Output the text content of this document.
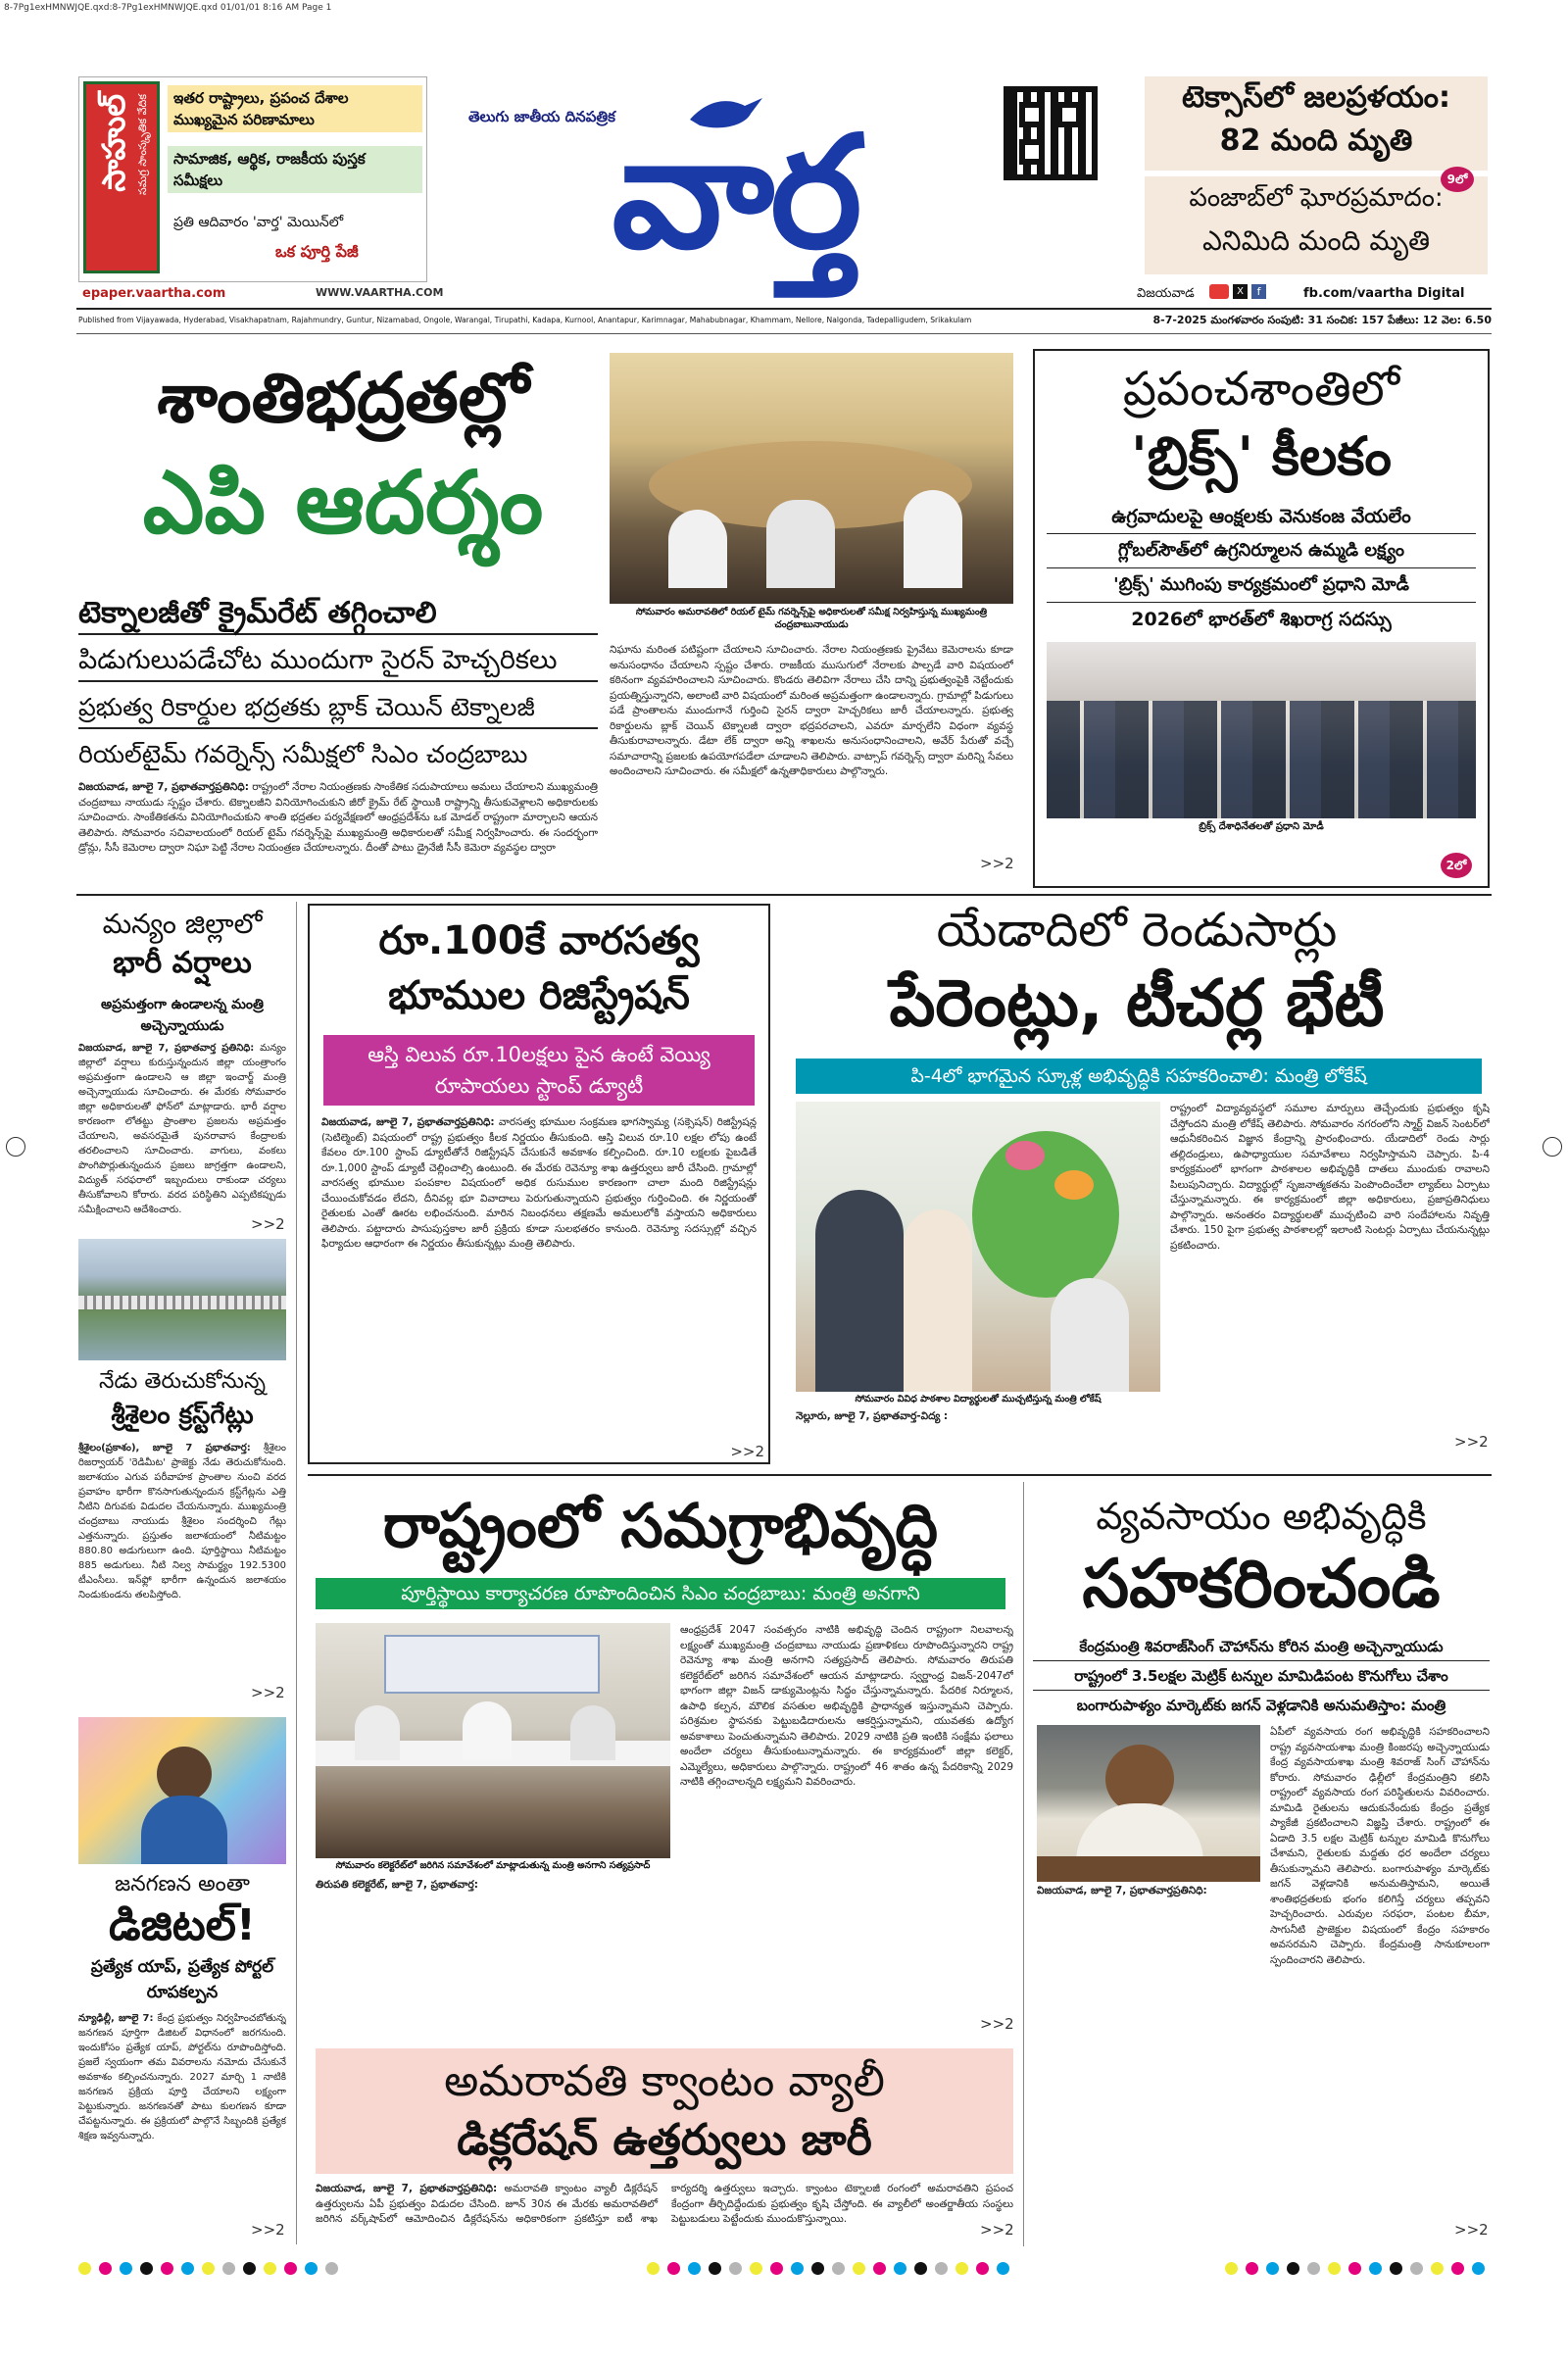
8-7Pg1exHMNWJQE.qxd:8-7Pg1exHMNWJQE.qxd 01/01/01 8:16 AM Page 1
సాహుల్ సమగ్ర సాంస్కృతిక వేదిక	ఇతర రాష్ట్రాలు, ప్రపంచ దేశాల ముఖ్యమైన పరిణామాలు
సామాజిక, ఆర్థిక, రాజకీయ పుస్తక సమీక్షలు
ప్రతి ఆదివారం 'వార్త' మెయిన్‌లో
ఒక పూర్తి పేజీ
epaper.vaartha.com	WWW.VAARTHA.COM
తెలుగు జాతీయ దినపత్రిక
వార్త
టెక్సాస్‌లో జలప్రళయం:
82 మంది మృతి
పంజాబ్‌లో ఘోరప్రమాదం:
ఎనిమిది మంది మృతి
9లో
విజయవాడ	X	f	fb.com/vaartha Digital
Published from Vijayawada, Hyderabad, Visakhapatnam, Rajahmundry, Guntur, Nizamabad, Ongole, Warangal, Tirupathi, Kadapa, Kurnool, Anantapur, Karimnagar, Mahabubnagar, Khammam, Nellore, Nalgonda, Tadepalligudem, Srikakulam	8-7-2025 మంగళవారం సంపుటి: 31 సంచిక: 157 పేజీలు: 12 వెల: 6.50
శాంతిభద్రతల్లో
ఎపి ఆదర్శం
సోమవారం అమరావతిలో రియల్ టైమ్ గవర్నెన్స్‌పై అధికారులతో సమీక్ష నిర్వహిస్తున్న ముఖ్యమంత్రి చంద్రబాబునాయుడు
టెక్నాలజీతో క్రైమ్‌రేట్ తగ్గించాలి
పిడుగులుపడేచోట ముందుగా సైరన్ హెచ్చరికలు
ప్రభుత్వ రికార్డుల భద్రతకు బ్లాక్ చెయిన్ టెక్నాలజీ
రియల్‌టైమ్ గవర్నెన్స్ సమీక్షలో సిఎం చంద్రబాబు
విజయవాడ, జూలై 7, ప్రభాతవార్తప్రతినిధి: రాష్ట్రంలో నేరాల నియంత్రణకు సాంకేతిక సదుపాయాలు అమలు చేయాలని ముఖ్యమంత్రి చంద్రబాబు నాయుడు స్పష్టం చేశారు. టెక్నాలజీని వినియోగించుకుని జీరో క్రైమ్ రేట్ స్థాయికి రాష్ట్రాన్ని తీసుకువెళ్లాలని అధికారులకు సూచించారు. సాంకేతికతను వినియోగించుకుని శాంతి భద్రతల పర్యవేక్షణలో ఆంధ్రప్రదేశ్‌ను ఒక మోడల్ రాష్ట్రంగా మార్చాలని ఆయన తెలిపారు. సోమవారం సచివాలయంలో రియల్ టైమ్ గవర్నెన్స్‌పై ముఖ్యమంత్రి అధికారులతో సమీక్ష నిర్వహించారు. ఈ సందర్భంగా డ్రోన్లు, సీసీ కెమెరాల ద్వారా నిఘా పెట్టి నేరాల నియంత్రణ చేయాలన్నారు. దీంతో పాటు డ్రైనేజీ సీసీ కెమెరా వ్యవస్థల ద్వారా
నిఘాను మరింత పటిష్టంగా చేయాలని సూచించారు. నేరాల నియంత్రణకు ప్రైవేటు కెమెరాలను కూడా అనుసంధానం చేయాలని స్పష్టం చేశారు. రాజకీయ ముసుగులో నేరాలకు పాల్పడే వారి విషయంలో కఠినంగా వ్యవహరించాలని సూచించారు. కొండరు తెలివిగా నేరాలు చేసి దాన్ని ప్రభుత్వంపైకి నెట్టేందుకు ప్రయత్నిస్తున్నారని, అలాంటి వారి విషయంలో మరింత అప్రమత్తంగా ఉండాలన్నారు. గ్రామాల్లో పిడుగులు పడే ప్రాంతాలను ముందుగానే గుర్తించి సైరన్ ద్వారా హెచ్చరికలు జారీ చేయాలన్నారు. ప్రభుత్వ రికార్డులను బ్లాక్ చెయిన్ టెక్నాలజీ ద్వారా భద్రపరచాలని, ఎవరూ మార్చలేని విధంగా వ్యవస్థ తీసుకురావాలన్నారు. డేటా లేక్ ద్వారా అన్ని శాఖలను అనుసంధానించాలని, అవేర్ పేరుతో వచ్చే సమాచారాన్ని ప్రజలకు ఉపయోగపడేలా చూడాలని తెలిపారు. వాట్సాప్ గవర్నెన్స్ ద్వారా మరిన్ని సేవలు అందించాలని సూచించారు. ఈ సమీక్షలో ఉన్నతాధికారులు పాల్గొన్నారు.
>>2
ప్రపంచశాంతిలో
'బ్రిక్స్' కీలకం
ఉగ్రవాదులపై ఆంక్షలకు వెనుకంజ వేయలేం
గ్లోబల్‌సౌత్‌లో ఉగ్రనిర్మూలన ఉమ్మడి లక్ష్యం
'బ్రిక్స్' ముగింపు కార్యక్రమంలో ప్రధాని మోడీ
2026లో భారత్‌లో శిఖరాగ్ర సదస్సు
బ్రిక్స్ దేశాధినేతలతో ప్రధాని మోడీ
2లో
మన్యం జిల్లాలో
భారీ వర్షాలు
అప్రమత్తంగా ఉండాలన్న మంత్రి అచ్చెన్నాయుడు
విజయవాడ, జూలై 7, ప్రభాతవార్త ప్రతినిధి: మన్యం జిల్లాలో వర్షాలు కురుస్తున్నందున జిల్లా యంత్రాంగం అప్రమత్తంగా ఉండాలని ఆ జిల్లా ఇంచార్జ్ మంత్రి అచ్చెన్నాయుడు సూచించారు. ఈ మేరకు సోమవారం జిల్లా అధికారులతో ఫోన్‌లో మాట్లాడారు. భారీ వర్షాల కారణంగా లోతట్టు ప్రాంతాల ప్రజలను అప్రమత్తం చేయాలని, అవసరమైతే పునరావాస కేంద్రాలకు తరలించాలని సూచించారు. వాగులు, వంకలు పొంగిపొర్లుతున్నందున ప్రజలు జాగ్రత్తగా ఉండాలని, విద్యుత్ సరఫరాలో ఇబ్బందులు రాకుండా చర్యలు తీసుకోవాలని కోరారు. వరద పరిస్థితిని ఎప్పటికప్పుడు సమీక్షించాలని ఆదేశించారు.
>>2
నేడు తెరుచుకోనున్న
శ్రీశైలం క్రస్ట్‌గేట్లు
శ్రీశైలం(ప్రకాశం), జూలై 7 ప్రభాతవార్త: శ్రీశైలం రిజర్వాయర్ 'రెడిమీట' ప్రాజెక్టు నేడు తెరుచుకోనుంది. జలాశయం ఎగువ పరీవాహక ప్రాంతాల నుంచి వరద ప్రవాహం భారీగా కొనసాగుతున్నందున క్రస్ట్‌గేట్లను ఎత్తి నీటిని దిగువకు విడుదల చేయనున్నారు. ముఖ్యమంత్రి చంద్రబాబు నాయుడు శ్రీశైలం సందర్శించి గేట్లు ఎత్తనున్నారు. ప్రస్తుతం జలాశయంలో నీటిమట్టం 880.80 అడుగులుగా ఉంది. పూర్తిస్థాయి నీటిమట్టం 885 అడుగులు. నీటి నిల్వ సామర్థ్యం 192.5300 టీఎంసీలు. ఇన్‌ఫ్లో భారీగా ఉన్నందున జలాశయం నిండుకుండను తలపిస్తోంది.
>>2
జనగణన అంతా
డిజిటల్!
ప్రత్యేక యాప్, ప్రత్యేక పోర్టల్ రూపకల్పన
న్యూఢిల్లీ, జూలై 7: కేంద్ర ప్రభుత్వం నిర్వహించబోతున్న జనగణన పూర్తిగా డిజిటల్ విధానంలో జరగనుంది. ఇందుకోసం ప్రత్యేక యాప్, పోర్టల్‌ను రూపొందిస్తోంది. ప్రజలే స్వయంగా తమ వివరాలను నమోదు చేసుకునే అవకాశం కల్పించనున్నారు. 2027 మార్చి 1 నాటికి జనగణన ప్రక్రియ పూర్తి చేయాలని లక్ష్యంగా పెట్టుకున్నారు. జనగణనతో పాటు కులగణన కూడా చేపట్టనున్నారు. ఈ ప్రక్రియలో పాల్గొనే సిబ్బందికి ప్రత్యేక శిక్షణ ఇవ్వనున్నారు.
>>2
రూ.100కే వారసత్వ
భూముల రిజిస్ట్రేషన్
ఆస్తి విలువ రూ.10లక్షలు పైన ఉంటే వెయ్యి రూపాయలు స్టాంప్ డ్యూటీ
విజయవాడ, జూలై 7, ప్రభాతవార్తప్రతినిధి: వారసత్వ భూముల సంక్రమణ భాగస్వామ్య (సక్సెషన్) రిజిస్ట్రేషన్ల (సెటిల్మెంట్) విషయంలో రాష్ట్ర ప్రభుత్వం కీలక నిర్ణయం తీసుకుంది. ఆస్తి విలువ రూ.10 లక్షల లోపు ఉంటే కేవలం రూ.100 స్టాంప్ డ్యూటీతోనే రిజిస్ట్రేషన్ చేసుకునే అవకాశం కల్పించింది. రూ.10 లక్షలకు పైబడితే రూ.1,000 స్టాంప్ డ్యూటీ చెల్లించాల్సి ఉంటుంది. ఈ మేరకు రెవెన్యూ శాఖ ఉత్తర్వులు జారీ చేసింది. గ్రామాల్లో వారసత్వ భూముల పంపకాల విషయంలో అధిక రుసుముల కారణంగా చాలా మంది రిజిస్ట్రేషన్లు చేయించుకోవడం లేదని, దీనివల్ల భూ వివాదాలు పెరుగుతున్నాయని ప్రభుత్వం గుర్తించింది. ఈ నిర్ణయంతో రైతులకు ఎంతో ఊరట లభించనుంది. మారిన నిబంధనలు తక్షణమే అమలులోకి వస్తాయని అధికారులు తెలిపారు. పట్టాదారు పాసుపుస్తకాల జారీ ప్రక్రియ కూడా సులభతరం కానుంది. రెవెన్యూ సదస్సుల్లో వచ్చిన ఫిర్యాదుల ఆధారంగా ఈ నిర్ణయం తీసుకున్నట్లు మంత్రి తెలిపారు.
>>2
యేడాదిలో రెండుసార్లు
పేరెంట్లు, టీచర్ల భేటీ
పి-4లో భాగమైన స్కూళ్ల అభివృద్ధికి సహకరించాలి: మంత్రి లోకేష్
సోమవారం వివిధ పాఠశాల విద్యార్థులతో ముచ్చటిస్తున్న మంత్రి లోకేష్
నెల్లూరు, జూలై 7, ప్రభాతవార్త-విద్య :
రాష్ట్రంలో విద్యావ్యవస్థలో సమూల మార్పులు తెచ్చేందుకు ప్రభుత్వం కృషి చేస్తోందని మంత్రి లోకేష్ తెలిపారు. సోమవారం నగరంలోని స్మార్ట్ విజన్ సెంటర్‌లో ఆధునీకరించిన విజ్ఞాన కేంద్రాన్ని ప్రారంభించారు. యేడాదిలో రెండు సార్లు తల్లిదండ్రులు, ఉపాధ్యాయుల సమావేశాలు నిర్వహిస్తామని చెప్పారు. పి-4 కార్యక్రమంలో భాగంగా పాఠశాలల అభివృద్ధికి దాతలు ముందుకు రావాలని పిలుపునిచ్చారు. విద్యార్థుల్లో సృజనాత్మకతను పెంపొందించేలా ల్యాబ్‌లు ఏర్పాటు చేస్తున్నామన్నారు. ఈ కార్యక్రమంలో జిల్లా అధికారులు, ప్రజాప్రతినిధులు పాల్గొన్నారు. అనంతరం విద్యార్థులతో ముచ్చటించి వారి సందేహాలను నివృత్తి చేశారు. 150 పైగా ప్రభుత్వ పాఠశాలల్లో ఇలాంటి సెంటర్లు ఏర్పాటు చేయనున్నట్లు ప్రకటించారు.
>>2
రాష్ట్రంలో సమగ్రాభివృద్ధి
పూర్తిస్థాయి కార్యాచరణ రూపొందించిన సిఎం చంద్రబాబు: మంత్రి అనగాని
సోమవారం కలెక్టరేట్‌లో జరిగిన సమావేశంలో మాట్లాడుతున్న మంత్రి అనగాని సత్యప్రసాద్
తిరుపతి కలెక్టరేట్, జూలై 7, ప్రభాతవార్త:
ఆంధ్రప్రదేశ్ 2047 సంవత్సరం నాటికి అభివృద్ధి చెందిన రాష్ట్రంగా నిలవాలన్న లక్ష్యంతో ముఖ్యమంత్రి చంద్రబాబు నాయుడు ప్రణాళికలు రూపొందిస్తున్నారని రాష్ట్ర రెవెన్యూ శాఖ మంత్రి అనగాని సత్యప్రసాద్ తెలిపారు. సోమవారం తిరుపతి కలెక్టరేట్‌లో జరిగిన సమావేశంలో ఆయన మాట్లాడారు. స్వర్ణాంధ్ర విజన్-2047లో భాగంగా జిల్లా విజన్ డాక్యుమెంట్లను సిద్ధం చేస్తున్నామన్నారు. పేదరిక నిర్మూలన, ఉపాధి కల్పన, మౌలిక వసతుల అభివృద్ధికి ప్రాధాన్యత ఇస్తున్నామని చెప్పారు. పరిశ్రమల స్థాపనకు పెట్టుబడిదారులను ఆకర్షిస్తున్నామని, యువతకు ఉద్యోగ అవకాశాలు పెంచుతున్నామని తెలిపారు. 2029 నాటికి ప్రతి ఇంటికి సంక్షేమ ఫలాలు అందేలా చర్యలు తీసుకుంటున్నామన్నారు. ఈ కార్యక్రమంలో జిల్లా కలెక్టర్, ఎమ్మెల్యేలు, అధికారులు పాల్గొన్నారు. రాష్ట్రంలో 46 శాతం ఉన్న పేదరికాన్ని 2029 నాటికి తగ్గించాలన్నది లక్ష్యమని వివరించారు.
>>2
వ్యవసాయం అభివృద్ధికి
సహకరించండి
కేంద్రమంత్రి శివరాజ్‌సింగ్ చౌహాన్‌ను కోరిన మంత్రి అచ్చెన్నాయుడు
రాష్ట్రంలో 3.5లక్షల మెట్రిక్ టన్నుల మామిడిపంట కొనుగోలు చేశాం
బంగారుపాళ్యం మార్కెట్‌కు జగన్ వెళ్లడానికి అనుమతిస్తాం: మంత్రి
విజయవాడ, జూలై 7, ప్రభాతవార్తప్రతినిధి:
ఏపీలో వ్యవసాయ రంగ అభివృద్ధికి సహకరించాలని రాష్ట్ర వ్యవసాయశాఖ మంత్రి కింజరపు అచ్చెన్నాయుడు కేంద్ర వ్యవసాయశాఖ మంత్రి శివరాజ్ సింగ్ చౌహాన్‌ను కోరారు. సోమవారం ఢిల్లీలో కేంద్రమంత్రిని కలిసి రాష్ట్రంలో వ్యవసాయ రంగ పరిస్థితులను వివరించారు. మామిడి రైతులను ఆదుకునేందుకు కేంద్రం ప్రత్యేక ప్యాకేజీ ప్రకటించాలని విజ్ఞప్తి చేశారు. రాష్ట్రంలో ఈ ఏడాది 3.5 లక్షల మెట్రిక్ టన్నుల మామిడి కొనుగోలు చేశామని, రైతులకు మద్దతు ధర అందేలా చర్యలు తీసుకున్నామని తెలిపారు. బంగారుపాళ్యం మార్కెట్‌కు జగన్ వెళ్లడానికి అనుమతిస్తామని, అయితే శాంతిభద్రతలకు భంగం కలిగిస్తే చర్యలు తప్పవని హెచ్చరించారు. ఎరువుల సరఫరా, పంటల బీమా, సాగునీటి ప్రాజెక్టుల విషయంలో కేంద్రం సహకారం అవసరమని చెప్పారు. కేంద్రమంత్రి సానుకూలంగా స్పందించారని తెలిపారు.
>>2
అమరావతి క్వాంటం వ్యాలీ
డిక్లరేషన్ ఉత్తర్వులు జారీ
విజయవాడ, జూలై 7, ప్రభాతవార్తప్రతినిధి: అమరావతి క్వాంటం వ్యాలీ డిక్లరేషన్ ఉత్తర్వులను ఏపీ ప్రభుత్వం విడుదల చేసింది. జూన్ 30న ఈ మేరకు అమరావతిలో జరిగిన వర్క్‌షాప్‌లో ఆమోదించిన డిక్లరేషన్‌ను అధికారికంగా ప్రకటిస్తూ ఐటీ శాఖ కార్యదర్శి ఉత్తర్వులు ఇచ్చారు. క్వాంటం టెక్నాలజీ రంగంలో అమరావతిని ప్రపంచ కేంద్రంగా తీర్చిదిద్దేందుకు ప్రభుత్వం కృషి చేస్తోంది. ఈ వ్యాలీలో అంతర్జాతీయ సంస్థలు పెట్టుబడులు పెట్టేందుకు ముందుకొస్తున్నాయి.
>>2
